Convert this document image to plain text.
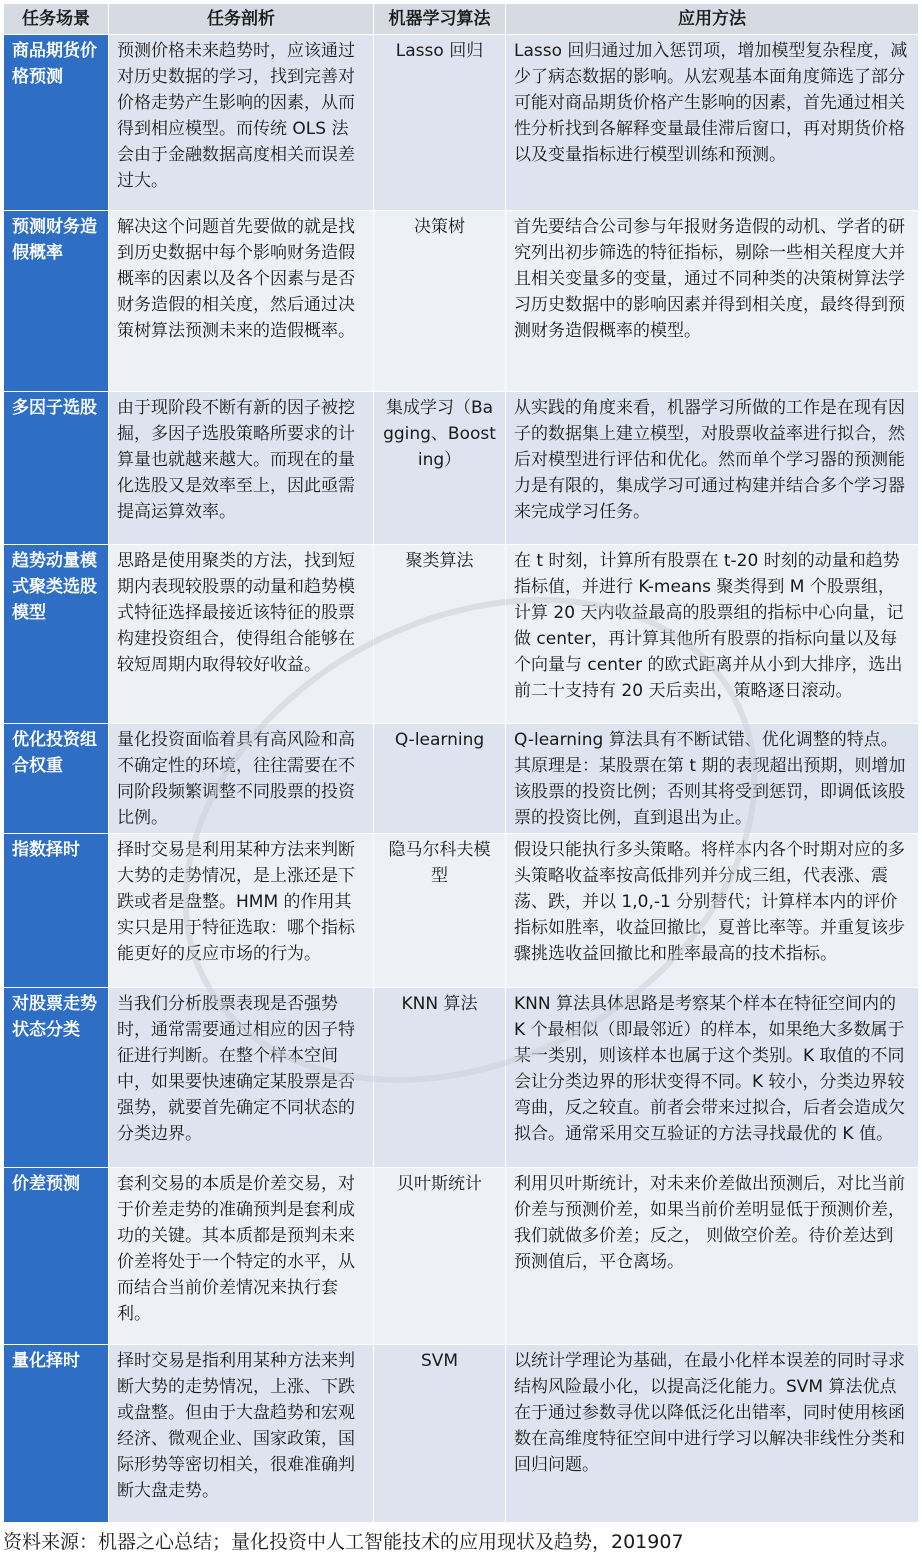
任务场景	任务剖析	机器学习算法	应用方法
商品期货价格预测	预测价格未来趋势时，应该通过对历史数据的学习，找到完善对价格走势产生影响的因素，从而得到相应模型。而传统 OLS 法会由于金融数据高度相关而误差过大。	Lasso 回归	Lasso 回归通过加入惩罚项，增加模型复杂程度，减少了病态数据的影响。从宏观基本面角度筛选了部分可能对商品期货价格产生影响的因素，首先通过相关性分析找到各解释变量最佳滞后窗口，再对期货价格以及变量指标进行模型训练和预测。
预测财务造假概率	解决这个问题首先要做的就是找到历史数据中每个影响财务造假概率的因素以及各个因素与是否财务造假的相关度，然后通过决策树算法预测未来的造假概率。	决策树	首先要结合公司参与年报财务造假的动机、学者的研究列出初步筛选的特征指标，剔除一些相关程度大并且相关变量多的变量，通过不同种类的决策树算法学习历史数据中的影响因素并得到相关度，最终得到预测财务造假概率的模型。
多因子选股	由于现阶段不断有新的因子被挖掘，多因子选股策略所要求的计算量也就越来越大。而现在的量化选股又是效率至上，因此亟需提高运算效率。	集成学习（Bagging、Boosting）	从实践的角度来看，机器学习所做的工作是在现有因子的数据集上建立模型，对股票收益率进行拟合，然后对模型进行评估和优化。然而单个学习器的预测能力是有限的，集成学习可通过构建并结合多个学习器来完成学习任务。
趋势动量模式聚类选股模型	思路是使用聚类的方法，找到短期内表现较股票的动量和趋势模式特征选择最接近该特征的股票构建投资组合，使得组合能够在较短周期内取得较好收益。	聚类算法	在 t 时刻，计算所有股票在 t-20 时刻的动量和趋势指标值，并进行 K-means 聚类得到 M 个股票组，计算 20 天内收益最高的股票组的指标中心向量，记做 center，再计算其他所有股票的指标向量以及每个向量与 center 的欧式距离并从小到大排序，选出前二十支持有 20 天后卖出，策略逐日滚动。
优化投资组合权重	量化投资面临着具有高风险和高不确定性的环境，往往需要在不同阶段频繁调整不同股票的投资比例。	Q-learning	Q-learning 算法具有不断试错、优化调整的特点。其原理是：某股票在第 t 期的表现超出预期，则增加该股票的投资比例；否则其将受到惩罚，即调低该股票的投资比例，直到退出为止。
指数择时	择时交易是利用某种方法来判断大势的走势情况，是上涨还是下跌或者是盘整。HMM 的作用其实只是用于特征选取：哪个指标能更好的反应市场的行为。	隐马尔科夫模型	假设只能执行多头策略。将样本内各个时期对应的多头策略收益率按高低排列并分成三组，代表涨、震荡、跌，并以 1,0,-1 分别替代；计算样本内的评价指标如胜率，收益回撤比，夏普比率等。并重复该步骤挑选收益回撤比和胜率最高的技术指标。
对股票走势状态分类	当我们分析股票表现是否强势时，通常需要通过相应的因子特征进行判断。在整个样本空间中，如果要快速确定某股票是否强势，就要首先确定不同状态的分类边界。	KNN 算法	KNN 算法具体思路是考察某个样本在特征空间内的 K 个最相似（即最邻近）的样本，如果绝大多数属于某一类别，则该样本也属于这个类别。K 取值的不同会让分类边界的形状变得不同。K 较小，分类边界较弯曲，反之较直。前者会带来过拟合，后者会造成欠拟合。通常采用交互验证的方法寻找最优的 K 值。
价差预测	套利交易的本质是价差交易，对于价差走势的准确预判是套利成功的关键。其本质都是预判未来价差将处于一个特定的水平，从而结合当前价差情况来执行套利。	贝叶斯统计	利用贝叶斯统计，对未来价差做出预测后，对比当前价差与预测价差，如果当前价差明显低于预测价差，我们就做多价差；反之， 则做空价差。待价差达到预测值后，平仓离场。
量化择时	择时交易是指利用某种方法来判断大势的走势情况，上涨、下跌或盘整。但由于大盘趋势和宏观经济、微观企业、国家政策，国际形势等密切相关，很难准确判断大盘走势。	SVM	以统计学理论为基础，在最小化样本误差的同时寻求结构风险最小化，以提高泛化能力。SVM 算法优点在于通过参数寻优以降低泛化出错率，同时使用核函数在高维度特征空间中进行学习以解决非线性分类和回归问题。
资料来源：机器之心总结；量化投资中人工智能技术的应用现状及趋势，201907
